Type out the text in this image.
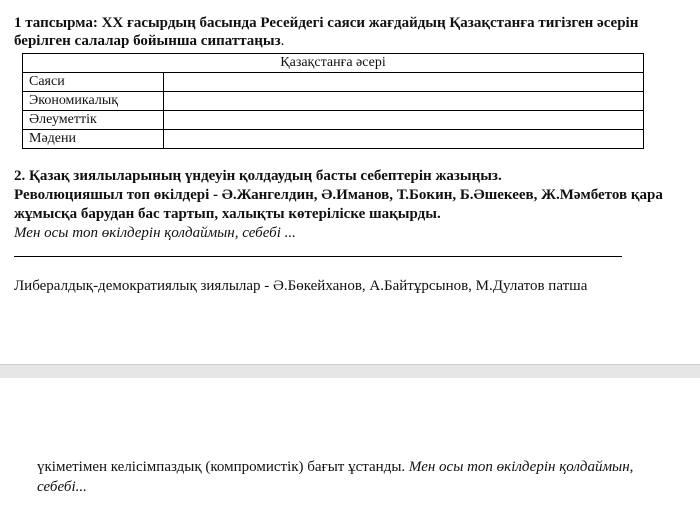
1 тапсырма: XX ғасырдың басында Ресейдегі саяси жағдайдың Қазақстанға тигізген әсерін берілген салалар бойынша сипаттаңыз.
Қазақстанға әсері	
Саяси	
Экономикалық	
Әлеуметтік	
Мәдени	
2. Қазақ зиялыларының үндеуін қолдаудың басты себептерін жазыңыз.
Революцияшыл топ өкілдері - Ә.Жангелдин, Ә.Иманов, Т.Бокин, Б.Әшекеев, Ж.Мәмбетов қара жұмысқа барудан бас тартып, халықты көтеріліске шақырды.
Мен осы топ өкілдерін қолдаймын, себебі ...
Либералдық-демократиялық зиялылар - Ә.Бөкейханов, А.Байтұрсынов, М.Дулатов патша
үкіметімен келісімпаздық (компромистік) бағыт ұстанды. Мен осы топ өкілдерін қолдаймын, себебі...
